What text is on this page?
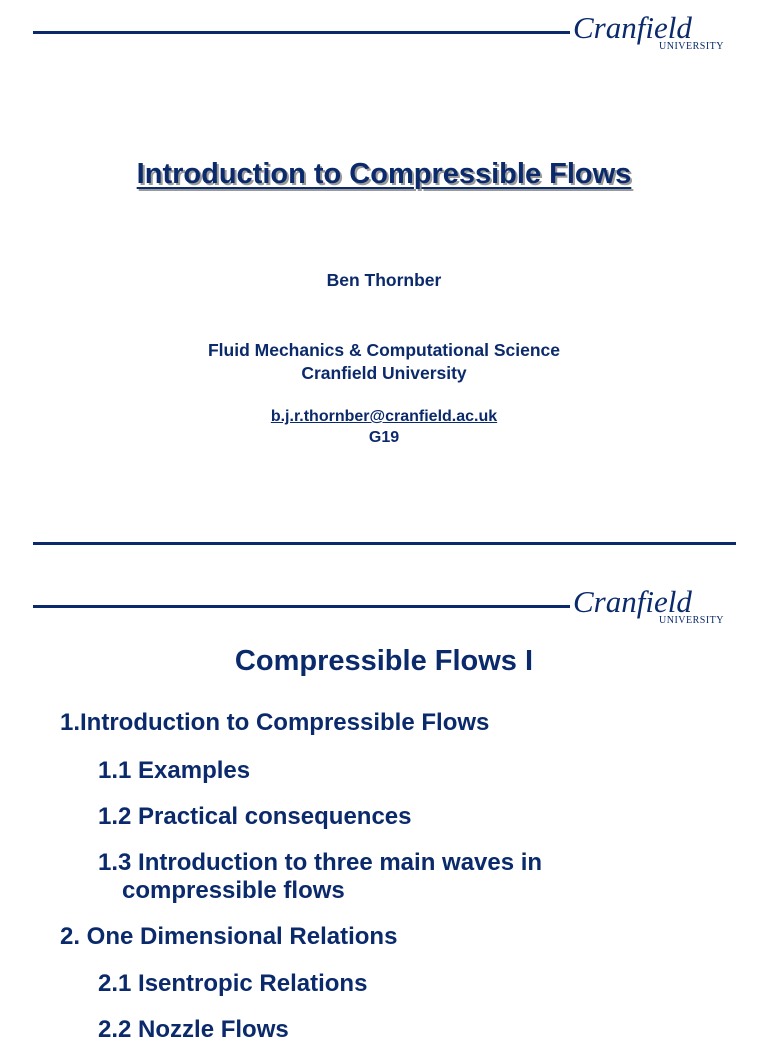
Cranfield
UNIVERSITY
Introduction to Compressible Flows
Ben Thornber
Fluid Mechanics & Computational Science
Cranfield University
b.j.r.thornber@cranfield.ac.uk
G19
Cranfield
UNIVERSITY
Compressible Flows I
1.Introduction to Compressible Flows
1.1 Examples
1.2 Practical consequences
1.3 Introduction to three main waves in
compressible flows
2. One Dimensional Relations
2.1 Isentropic Relations
2.2 Nozzle Flows
